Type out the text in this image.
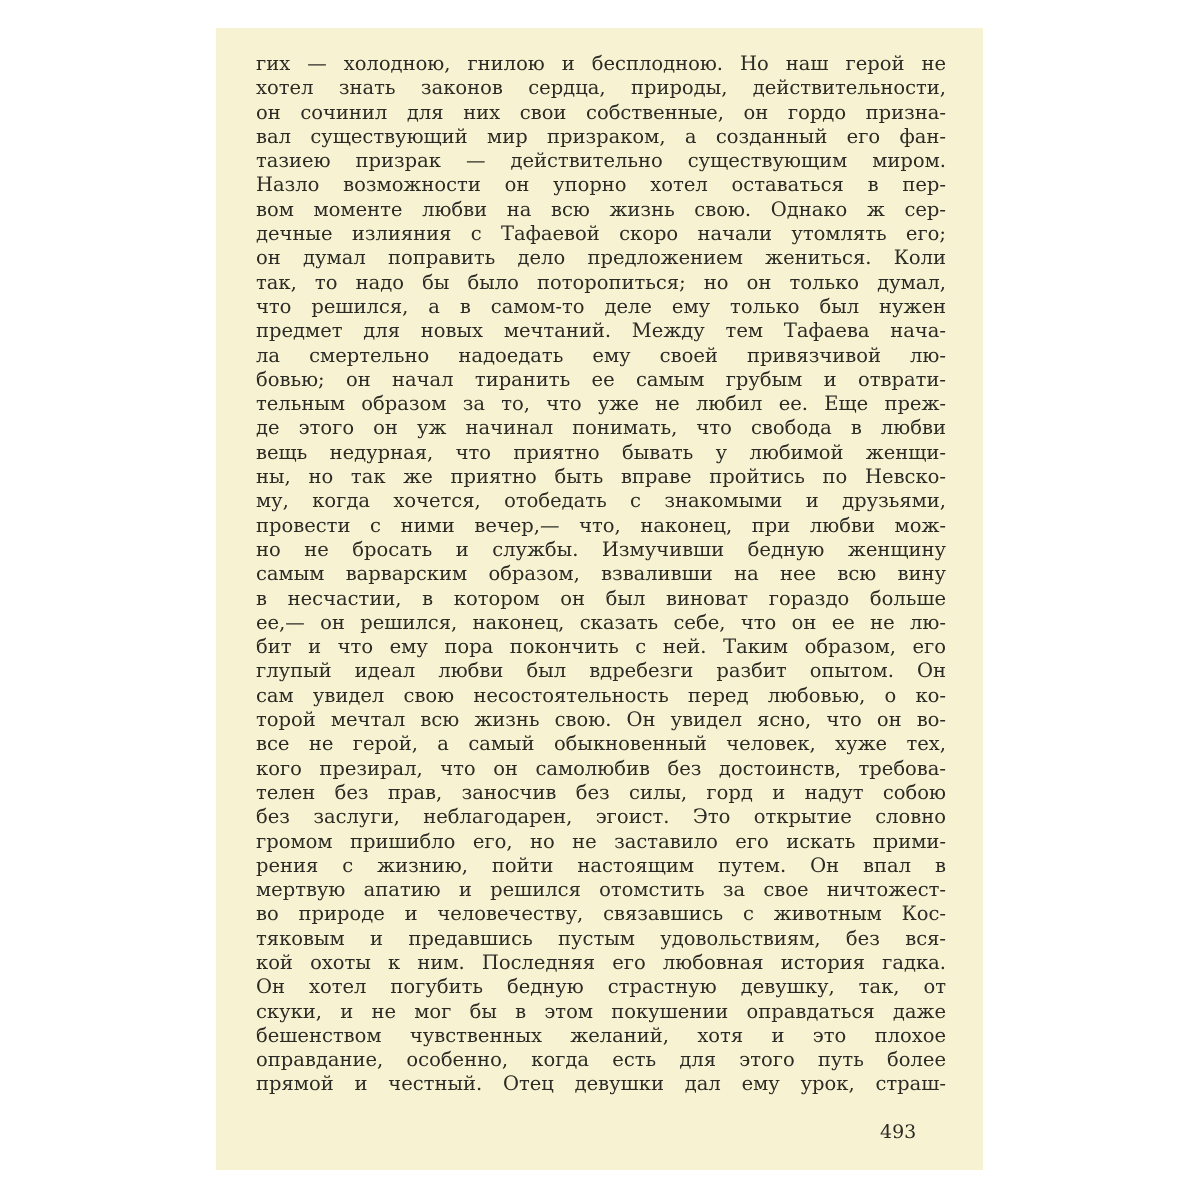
гих — холодною, гнилою и бесплодною. Но наш герой не
хотел знать законов сердца, природы, действительности,
он сочинил для них свои собственные, он гордо призна-
вал существующий мир призраком, а созданный его фан-
тазиею призрак — действительно существующим миром.
Назло возможности он упорно хотел оставаться в пер-
вом моменте любви на всю жизнь свою. Однако ж сер-
дечные излияния с Тафаевой скоро начали утомлять его;
он думал поправить дело предложением жениться. Коли
так, то надо бы было поторопиться; но он только думал,
что решился, а в самом-то деле ему только был нужен
предмет для новых мечтаний. Между тем Тафаева нача-
ла смертельно надоедать ему своей привязчивой лю-
бовью; он начал тиранить ее самым грубым и отврати-
тельным образом за то, что уже не любил ее. Еще преж-
де этого он уж начинал понимать, что свобода в любви
вещь недурная, что приятно бывать у любимой женщи-
ны, но так же приятно быть вправе пройтись по Невско-
му, когда хочется, отобедать с знакомыми и друзьями,
провести с ними вечер,— что, наконец, при любви мож-
но не бросать и службы. Измучивши бедную женщину
самым варварским образом, взваливши на нее всю вину
в несчастии, в котором он был виноват гораздо больше
ее,— он решился, наконец, сказать себе, что он ее не лю-
бит и что ему пора покончить с ней. Таким образом, его
глупый идеал любви был вдребезги разбит опытом. Он
сам увидел свою несостоятельность перед любовью, о ко-
торой мечтал всю жизнь свою. Он увидел ясно, что он во-
все не герой, а самый обыкновенный человек, хуже тех,
кого презирал, что он самолюбив без достоинств, требова-
телен без прав, заносчив без силы, горд и надут собою
без заслуги, неблагодарен, эгоист. Это открытие словно
громом пришибло его, но не заставило его искать прими-
рения с жизнию, пойти настоящим путем. Он впал в
мертвую апатию и решился отомстить за свое ничтожест-
во природе и человечеству, связавшись с животным Кос-
тяковым и предавшись пустым удовольствиям, без вся-
кой охоты к ним. Последняя его любовная история гадка.
Он хотел погубить бедную страстную девушку, так, от
скуки, и не мог бы в этом покушении оправдаться даже
бешенством чувственных желаний, хотя и это плохое
оправдание, особенно, когда есть для этого путь более
прямой и честный. Отец девушки дал ему урок, страш-
493
